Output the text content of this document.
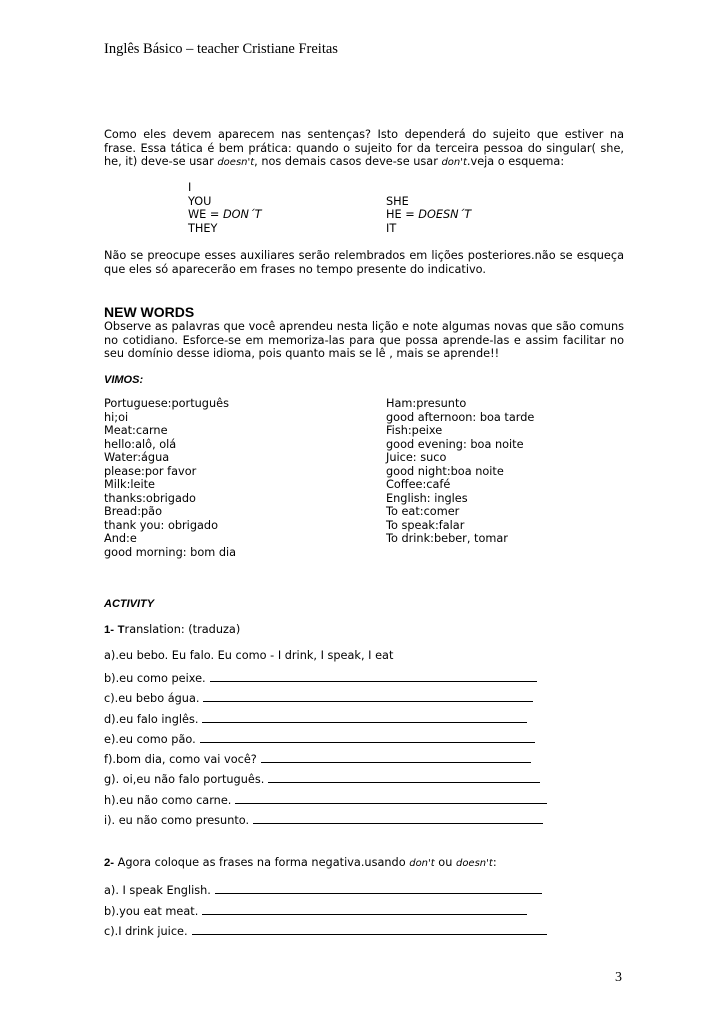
Inglês Básico – teacher Cristiane Freitas
Como eles devem aparecem nas sentenças? Isto dependerá do sujeito que estiver na frase. Essa tática é bem prática: quando o sujeito for da terceira pessoa do singular( she, he, it) deve-se usar doesn't, nos demais casos deve-se usar don't.veja o esquema:
I
YOU
WE = DON´T
THEY
SHE
HE = DOESN´T
IT
Não se preocupe esses auxiliares serão relembrados em lições posteriores.não se esqueça que eles só aparecerão em frases no tempo presente do indicativo.
NEW WORDS
Observe as palavras que você aprendeu nesta lição e note algumas novas que são comuns no cotidiano. Esforce-se em memoriza-las para que possa aprende-las e assim facilitar no seu domínio desse idioma, pois quanto mais se lê , mais se aprende!!
VIMOS:
Portuguese:português
hi;oi
Meat:carne
hello:alô, olá
Water:água
please:por favor
Milk:leite
thanks:obrigado
Bread:pão
thank you: obrigado
And:e
good morning: bom dia
Ham:presunto
good afternoon: boa tarde
Fish:peixe
good evening: boa noite
Juice: suco
good night:boa noite
Coffee:café
English: ingles
To eat:comer
To speak:falar
To drink:beber, tomar
ACTIVITY
1- Translation: (traduza)
a).eu bebo. Eu falo. Eu como - I drink, I speak, I eat
b).eu como peixe.
c).eu bebo água.
d).eu falo inglês.
e).eu como pão.
f).bom dia, como vai você?
g). oi,eu não falo português.
h).eu não como carne.
i). eu não como presunto.
2- Agora coloque as frases na forma negativa.usando don't ou doesn't:
a). I speak English.
b).you eat meat.
c).I drink juice.
3
